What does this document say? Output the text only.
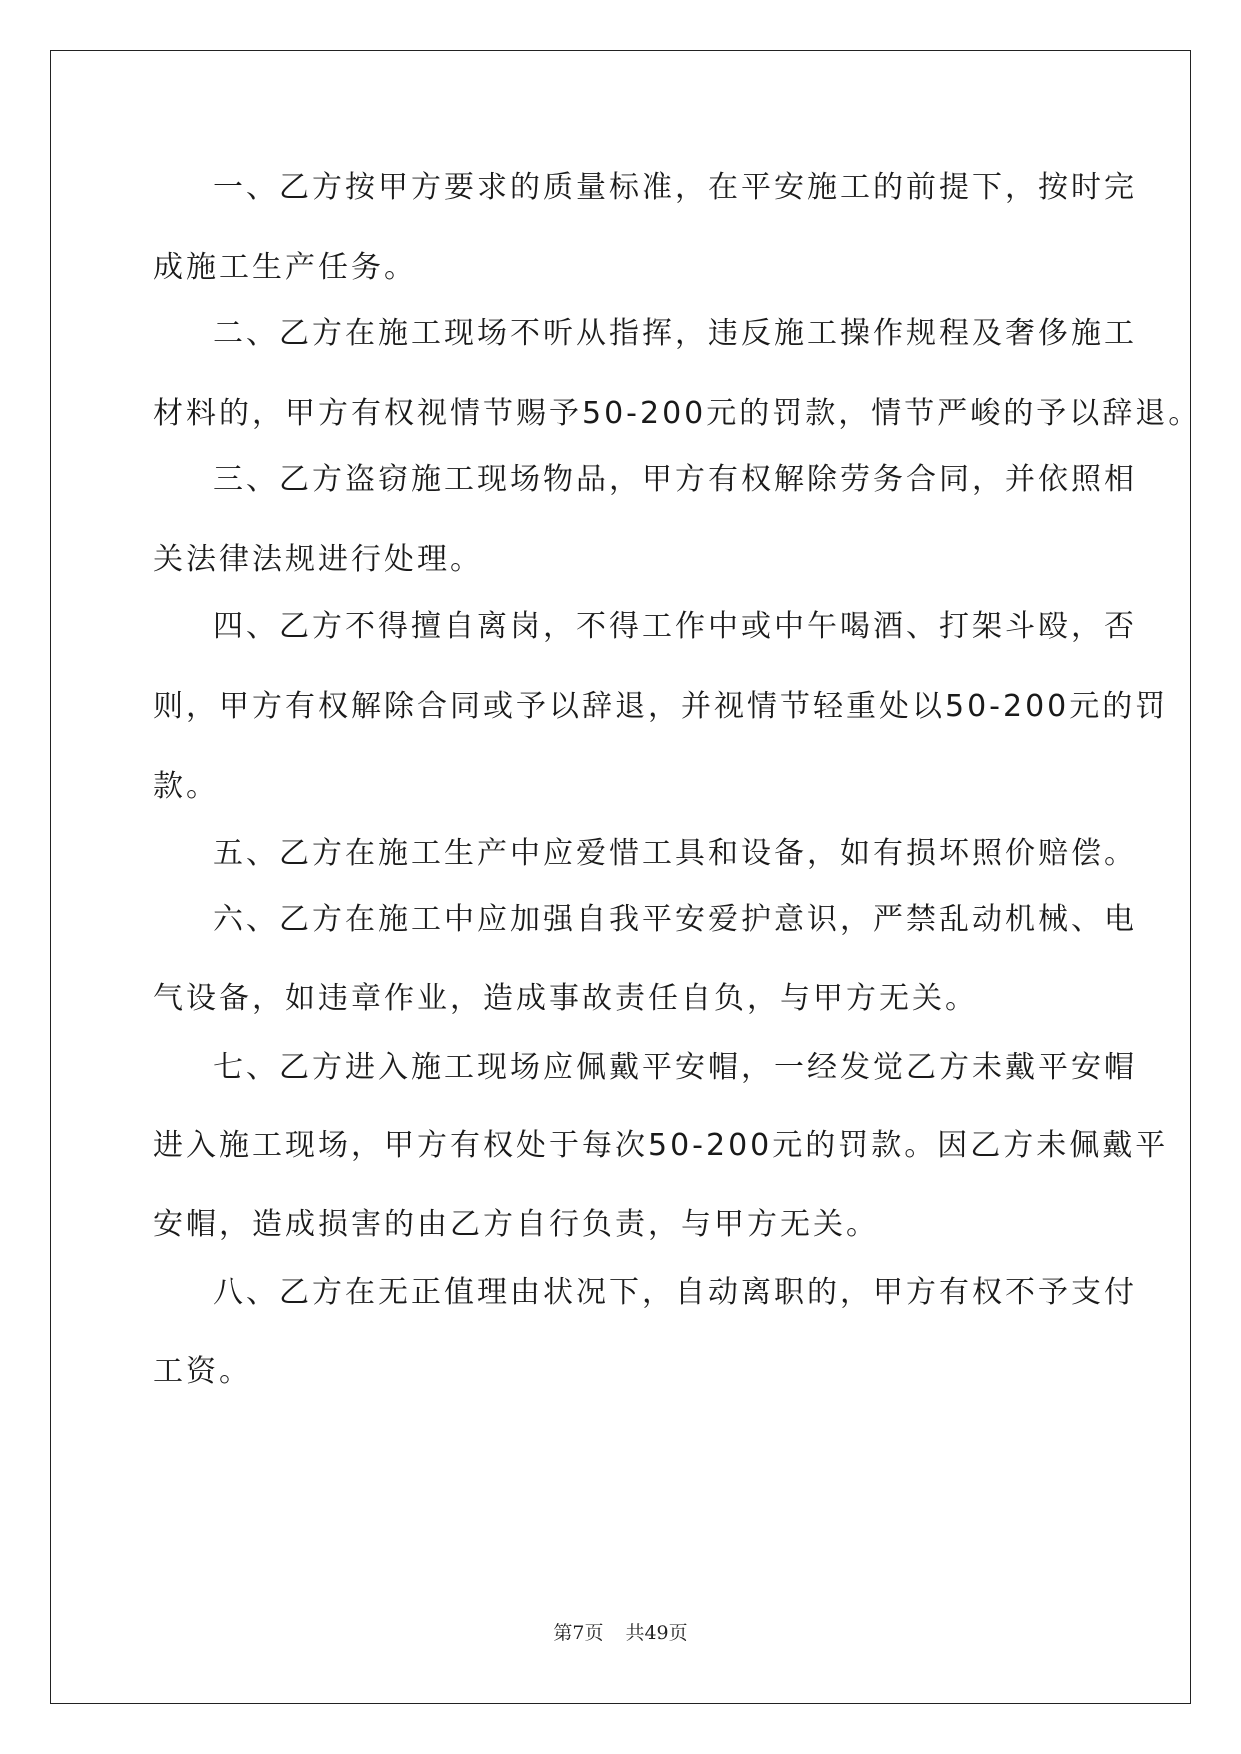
一、乙方按甲方要求的质量标准，在平安施工的前提下，按时完
成施工生产任务。
二、乙方在施工现场不听从指挥，违反施工操作规程及奢侈施工
材料的，甲方有权视情节赐予50-200元的罚款，情节严峻的予以辞退。
三、乙方盗窃施工现场物品，甲方有权解除劳务合同，并依照相
关法律法规进行处理。
四、乙方不得擅自离岗，不得工作中或中午喝酒、打架斗殴，否
则，甲方有权解除合同或予以辞退，并视情节轻重处以50-200元的罚
款。
五、乙方在施工生产中应爱惜工具和设备，如有损坏照价赔偿。
六、乙方在施工中应加强自我平安爱护意识，严禁乱动机械、电
气设备，如违章作业，造成事故责任自负，与甲方无关。
七、乙方进入施工现场应佩戴平安帽，一经发觉乙方未戴平安帽
进入施工现场，甲方有权处于每次50-200元的罚款。因乙方未佩戴平
安帽，造成损害的由乙方自行负责，与甲方无关。
八、乙方在无正值理由状况下，自动离职的，甲方有权不予支付
工资。
第7页 共49页
